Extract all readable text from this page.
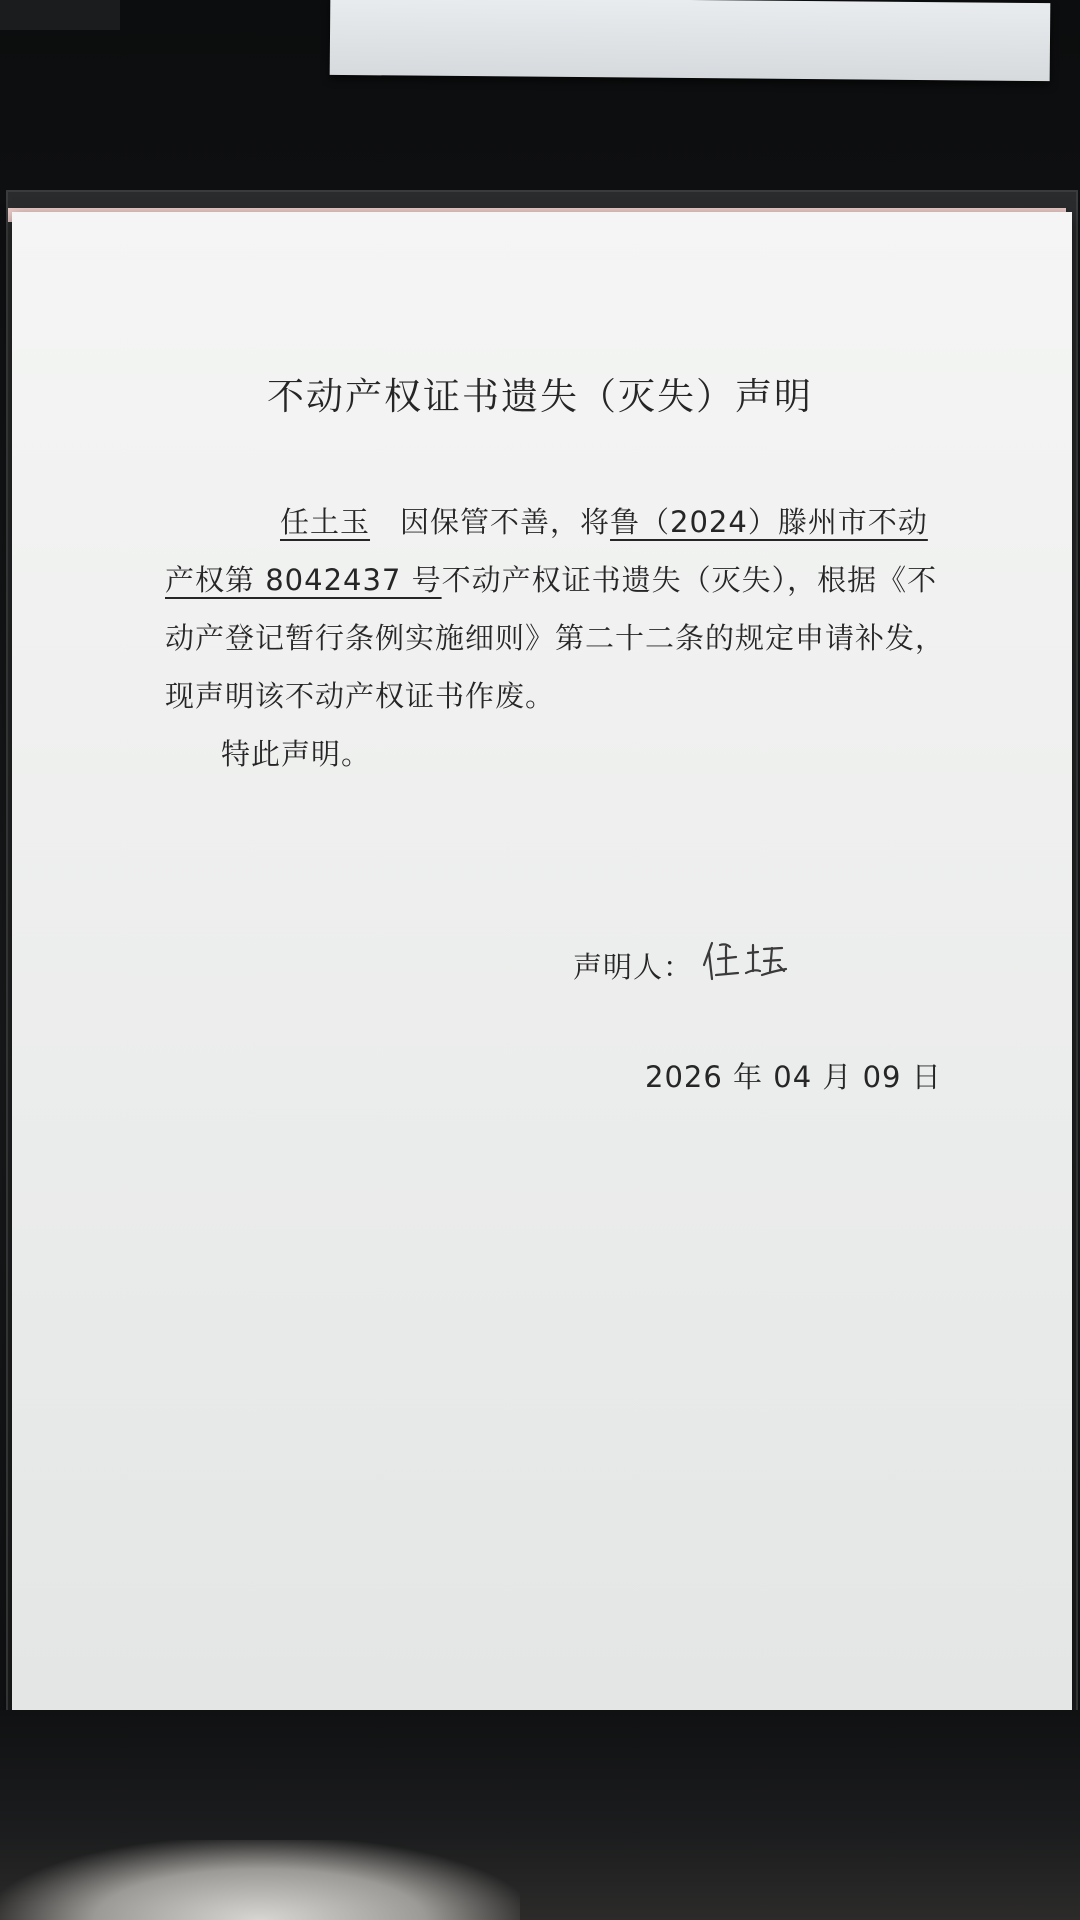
不动产权证书遗失（灭失）声明
任土玉 因保管不善，将鲁（2024）滕州市不动
产权第 8042437 号不动产权证书遗失（灭失），根据《不
动产登记暂行条例实施细则》第二十二条的规定申请补发，
现声明该不动产权证书作废。
特此声明。
声明人：
2026 年 04 月 09 日
